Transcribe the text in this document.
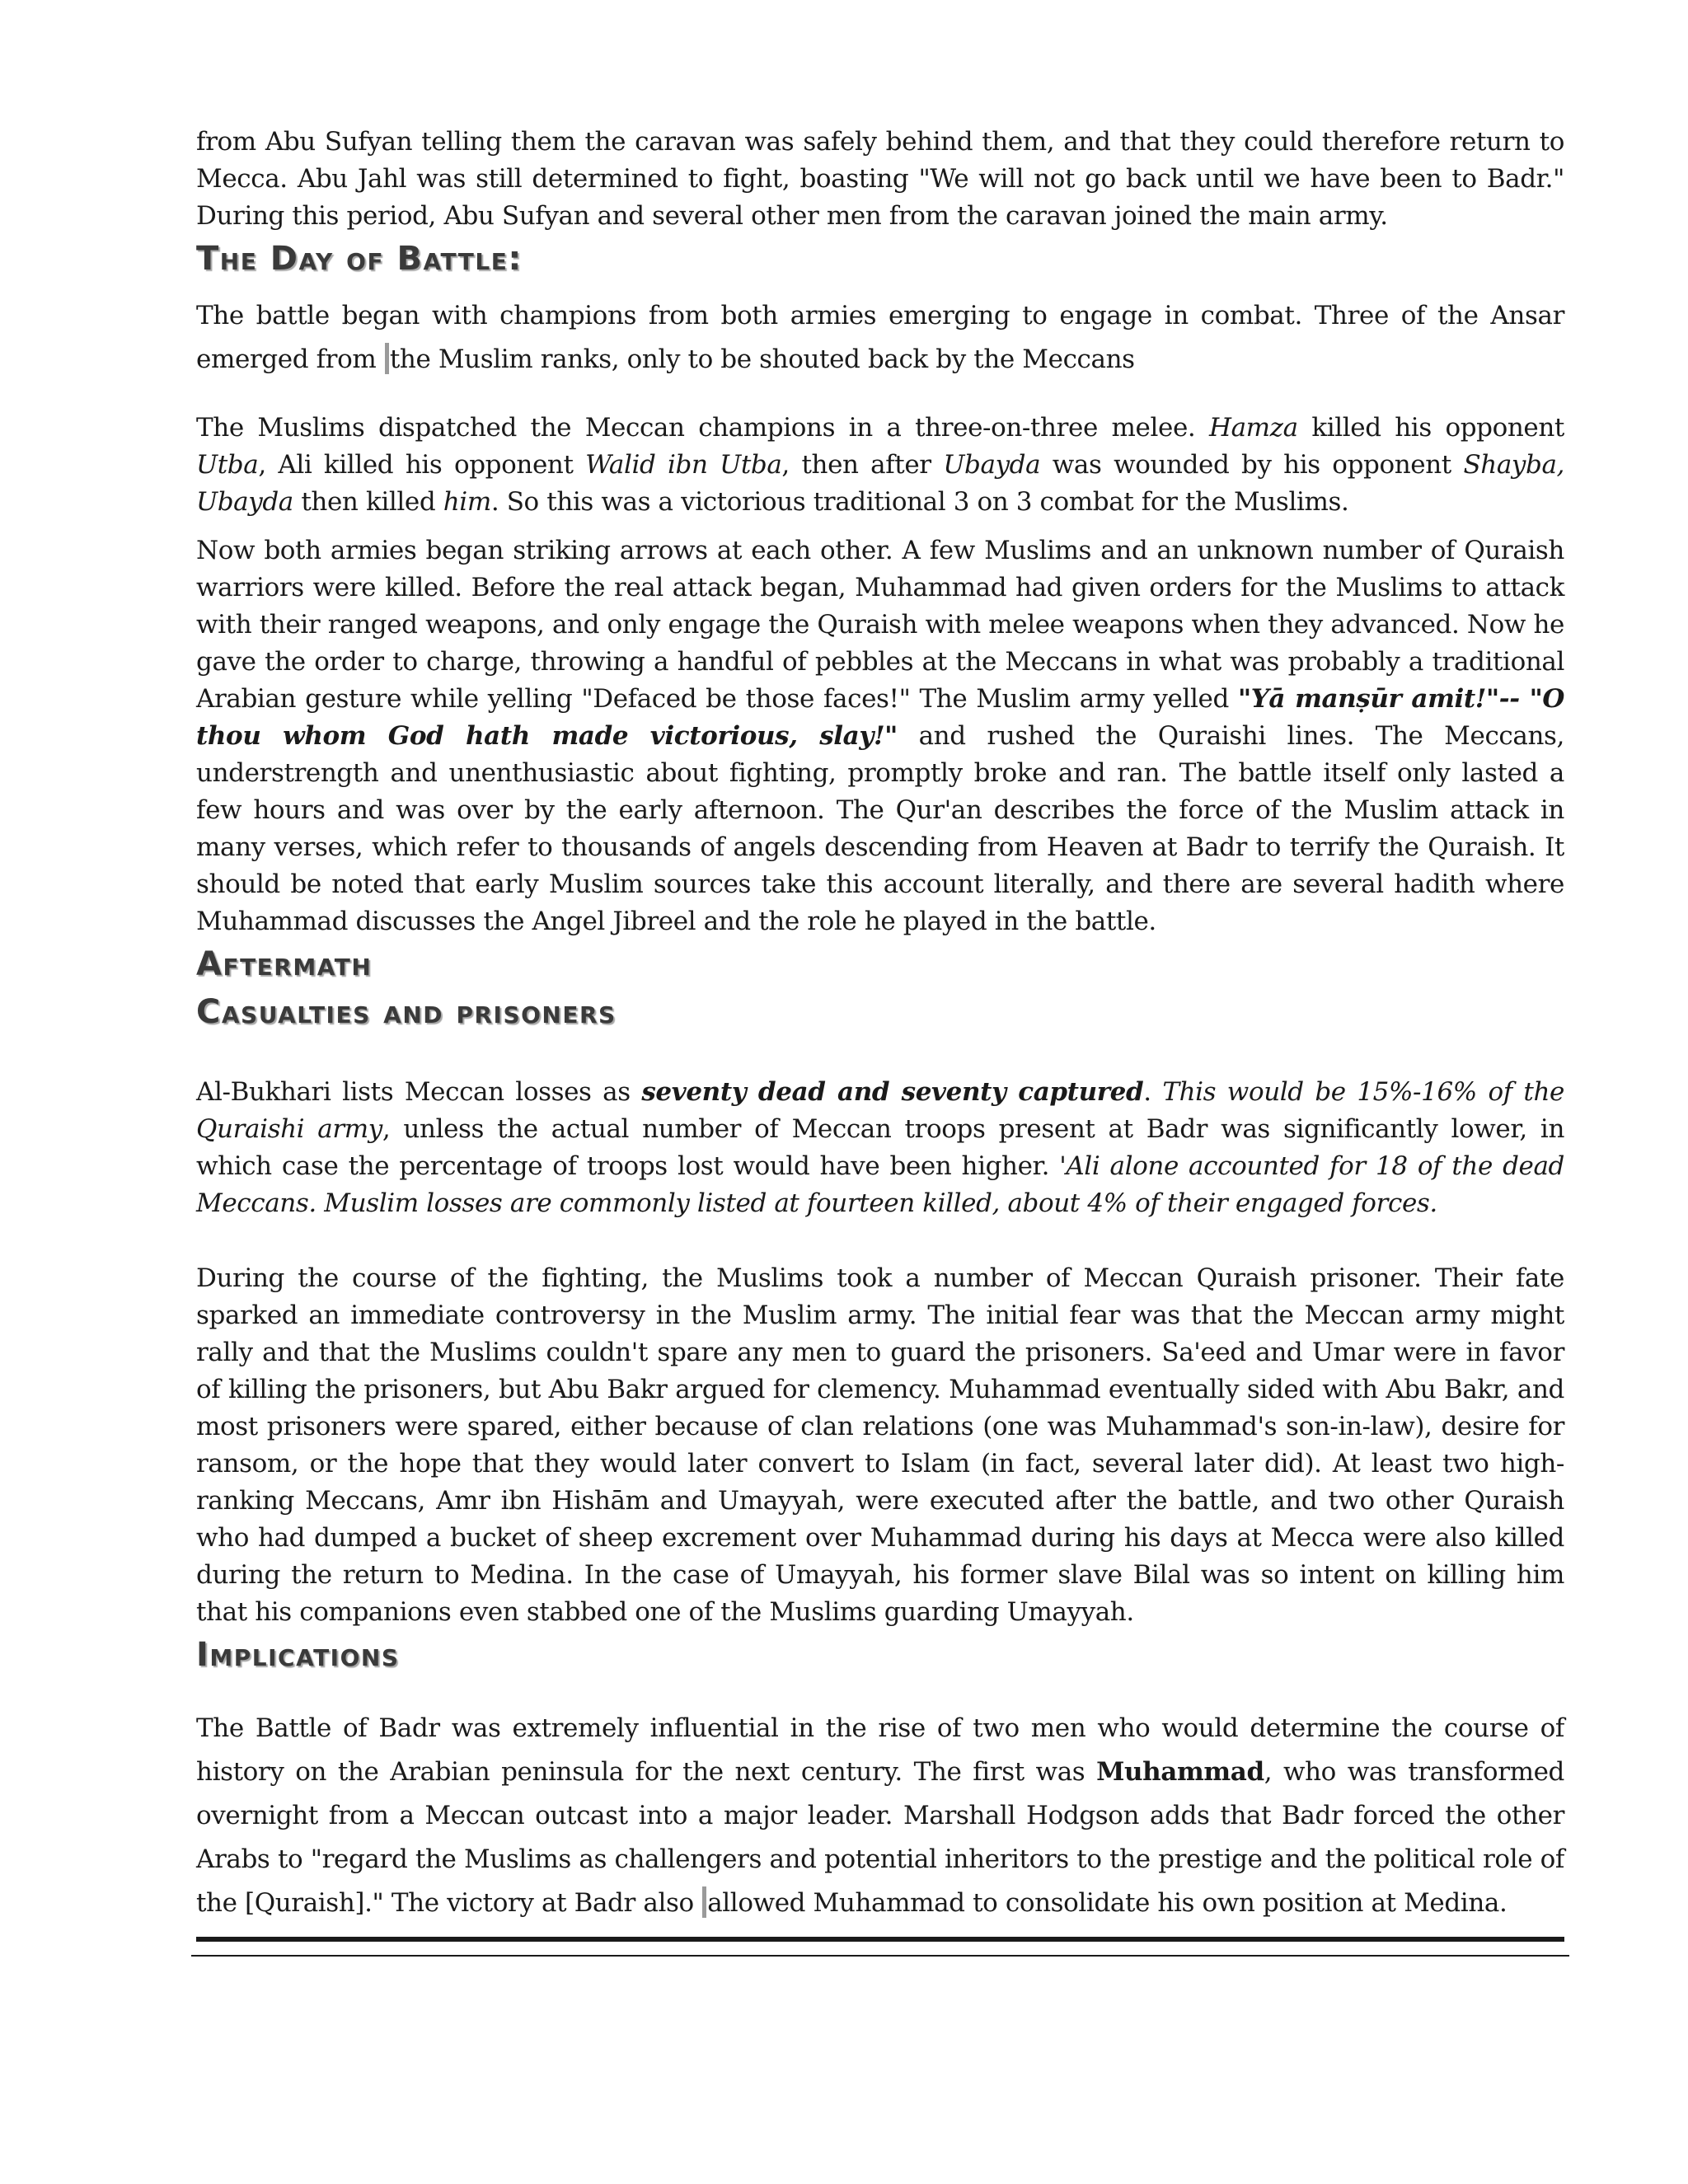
from Abu Sufyan telling them the caravan was safely behind them, and that they could therefore return to Mecca. Abu Jahl was still determined to fight, boasting "We will not go back until we have been to Badr." During this period, Abu Sufyan and several other men from the caravan joined the main army.

The Day of Battle:

The battle began with champions from both armies emerging to engage in combat. Three of the Ansar emerged from the Muslim ranks, only to be shouted back by the Meccans

The Muslims dispatched the Meccan champions in a three-on-three melee. Hamza killed his opponent Utba, Ali killed his opponent Walid ibn Utba, then after Ubayda was wounded by his opponent Shayba, Ubayda then killed him. So this was a victorious traditional 3 on 3 combat for the Muslims.

Now both armies began striking arrows at each other. A few Muslims and an unknown number of Quraish warriors were killed. Before the real attack began, Muhammad had given orders for the Muslims to attack with their ranged weapons, and only engage the Quraish with melee weapons when they advanced. Now he gave the order to charge, throwing a handful of pebbles at the Meccans in what was probably a traditional Arabian gesture while yelling "Defaced be those faces!" The Muslim army yelled "Yā manṣūr amit!"-- "O thou whom God hath made victorious, slay!" and rushed the Quraishi lines. The Meccans, understrength and unenthusiastic about fighting, promptly broke and ran. The battle itself only lasted a few hours and was over by the early afternoon. The Qur'an describes the force of the Muslim attack in many verses, which refer to thousands of angels descending from Heaven at Badr to terrify the Quraish. It should be noted that early Muslim sources take this account literally, and there are several hadith where Muhammad discusses the Angel Jibreel and the role he played in the battle.

Aftermath
Casualties and prisoners

Al-Bukhari lists Meccan losses as seventy dead and seventy captured. This would be 15%-16% of the Quraishi army, unless the actual number of Meccan troops present at Badr was significantly lower, in which case the percentage of troops lost would have been higher. 'Ali alone accounted for 18 of the dead Meccans. Muslim losses are commonly listed at fourteen killed, about 4% of their engaged forces.

During the course of the fighting, the Muslims took a number of Meccan Quraish prisoner. Their fate sparked an immediate controversy in the Muslim army. The initial fear was that the Meccan army might rally and that the Muslims couldn't spare any men to guard the prisoners. Sa'eed and Umar were in favor of killing the prisoners, but Abu Bakr argued for clemency. Muhammad eventually sided with Abu Bakr, and most prisoners were spared, either because of clan relations (one was Muhammad's son-in-law), desire for ransom, or the hope that they would later convert to Islam (in fact, several later did). At least two high-ranking Meccans, Amr ibn Hishām and Umayyah, were executed after the battle, and two other Quraish who had dumped a bucket of sheep excrement over Muhammad during his days at Mecca were also killed during the return to Medina. In the case of Umayyah, his former slave Bilal was so intent on killing him that his companions even stabbed one of the Muslims guarding Umayyah.

Implications

The Battle of Badr was extremely influential in the rise of two men who would determine the course of history on the Arabian peninsula for the next century. The first was Muhammad, who was transformed overnight from a Meccan outcast into a major leader. Marshall Hodgson adds that Badr forced the other Arabs to "regard the Muslims as challengers and potential inheritors to the prestige and the political role of the [Quraish]." The victory at Badr also allowed Muhammad to consolidate his own position at Medina.
